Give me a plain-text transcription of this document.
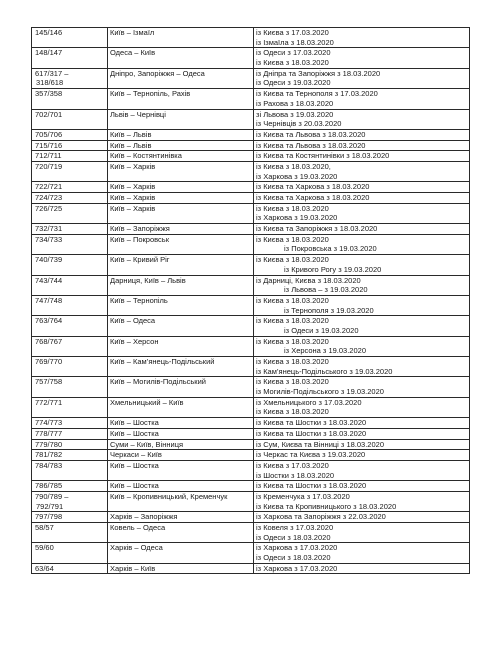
145/146	Київ – Ізмаїл	із Києва з 17.03.2020
із Ізмаїла з 18.03.2020

148/147	Одеса – Київ	із Одеси з 17.03.2020
із Києва з 18.03.2020

617/317 –
318/618	Дніпро, Запоріжжя – Одеса	із Дніпра та Запоріжжя з 18.03.2020
із Одеси з 19.03.2020

357/358	Київ – Тернопіль, Рахів	із Києва та Тернополя з 17.03.2020
із Рахова з 18.03.2020

702/701	Львів – Чернівці	зі Львова з 19.03.2020
із Чернівців з 20.03.2020

705/706	Київ – Львів	із Києва та Львова з 18.03.2020

715/716	Київ – Львів	із Києва та Львова з 18.03.2020

712/711	Київ – Костянтинівка	із Києва та Костянтинівки з 18.03.2020

720/719	Київ – Харків	із Києва з 18.03.2020,
із Харкова з 19.03.2020

722/721	Київ – Харків	із Києва та Харкова з 18.03.2020

724/723	Київ – Харків	із Києва та Харкова з 18.03.2020

726/725	Київ – Харків	із Києва з 18.03.2020
із Харкова з 19.03.2020

732/731	Київ – Запоріжжя	із Києва та Запоріжжя з 18.03.2020

734/733	Київ – Покровськ	із Києва з 18.03.2020
із Покровська з 19.03.2020

740/739	Київ – Кривий Ріг	із Києва з 18.03.2020
із Кривого Рогу з 19.03.2020

743/744	Дарниця, Київ – Львів	із Дарниці, Києва з 18.03.2020
із Львова – з 19.03.2020

747/748	Київ – Тернопіль	із Києва з 18.03.2020
із Тернополя з 19.03.2020

763/764	Київ – Одеса	із Києва з 18.03.2020
із Одеси з 19.03.2020

768/767	Київ – Херсон	із Києва з 18.03.2020
із Херсона з 19.03.2020

769/770	Київ – Кам’янець-Подільський	із Києва з 18.03.2020
із Кам’янець-Подільського з 19.03.2020

757/758	Київ – Могилів-Подільський	із Києва з 18.03.2020
із Могилів-Подільського з 19.03.2020

772/771	Хмельницький – Київ	із Хмельницького з 17.03.2020
із Києва з 18.03.2020

774/773	Київ – Шостка	із Києва та Шостки з 18.03.2020

778/777	Київ – Шостка	із Києва та Шостки з 18.03.2020

779/780	Суми – Київ, Вінниця	із Сум, Києва та Вінниці з 18.03.2020

781/782	Черкаси – Київ	із Черкас та Києва з 19.03.2020

784/783	Київ – Шостка	із Києва з 17.03.2020
із Шостки з 18.03.2020

786/785	Київ – Шостка	із Києва та Шостки з 18.03.2020

790/789 –
792/791	Київ – Кропивницький, Кременчук	із Кременчука з 17.03.2020
із Києва та Кропивницького з 18.03.2020

797/798	Харків – Запоріжжя	із Харкова та Запоріжжя з 22.03.2020

58/57	Ковель – Одеса	із Ковеля з 17.03.2020
із Одеси з 18.03.2020

59/60	Харків – Одеса	із Харкова з 17.03.2020
із Одеси з 18.03.2020

63/64	Харків – Київ	із Харкова з 17.03.2020
